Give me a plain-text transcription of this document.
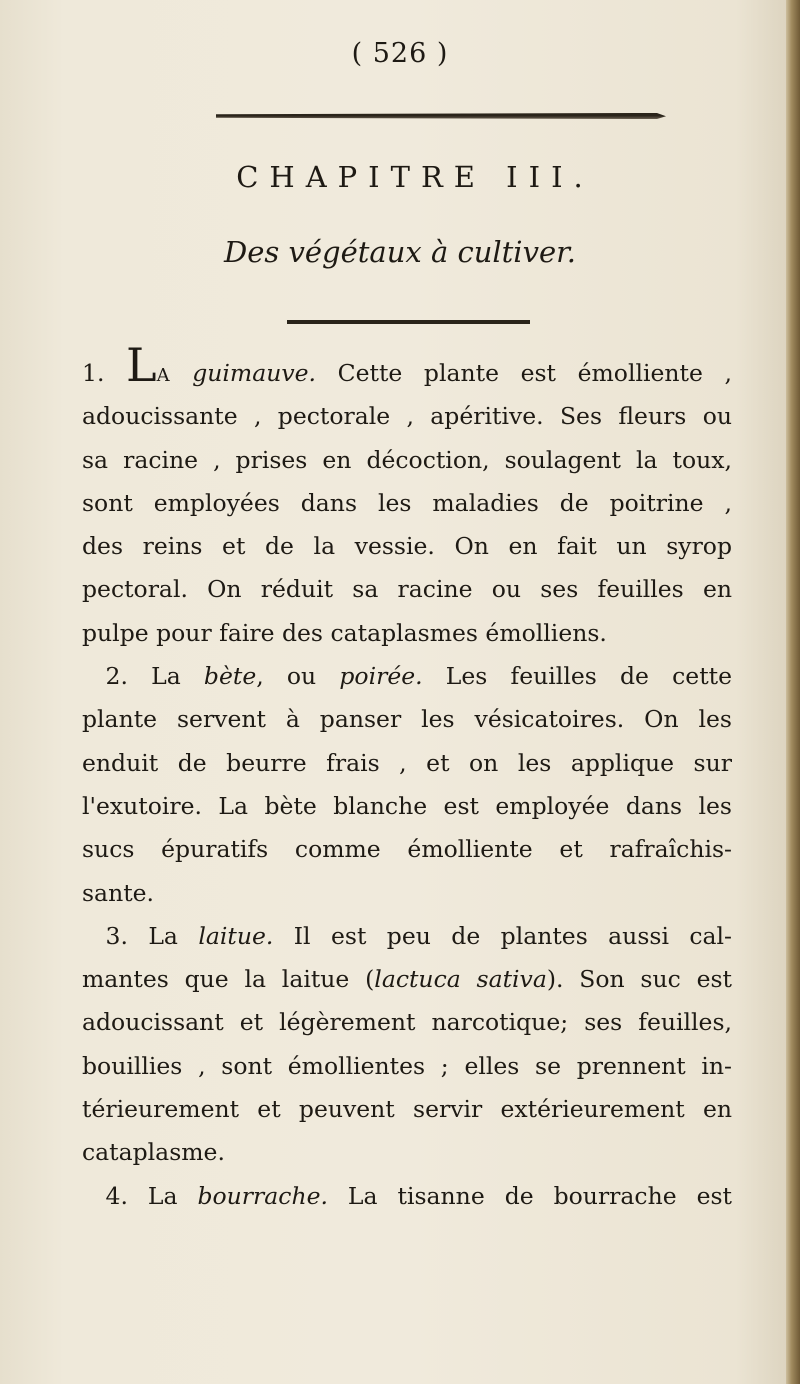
( 526 )
CHAPITRE III.
Des végétaux à cultiver.
1. LA guimauve. Cette plante est émolliente ,
adoucissante , pectorale , apéritive. Ses fleurs ou
sa racine , prises en décoction, soulagent la toux,
sont employées dans les maladies de poitrine ,
des reins et de la vessie. On en fait un syrop
pectoral. On réduit sa racine ou ses feuilles en
pulpe pour faire des cataplasmes émolliens.
 2. La bète, ou poirée. Les feuilles de cette
plante servent à panser les vésicatoires. On les
enduit de beurre frais , et on les applique sur
l'exutoire. La bète blanche est employée dans les
sucs épuratifs comme émolliente et rafraîchis-
sante.
 3. La laitue. Il est peu de plantes aussi cal-
mantes que la laitue (lactuca sativa). Son suc est
adoucissant et légèrement narcotique; ses feuilles,
bouillies , sont émollientes ; elles se prennent in-
térieurement et peuvent servir extérieurement en
cataplasme.
 4. La bourrache. La tisanne de bourrache est
